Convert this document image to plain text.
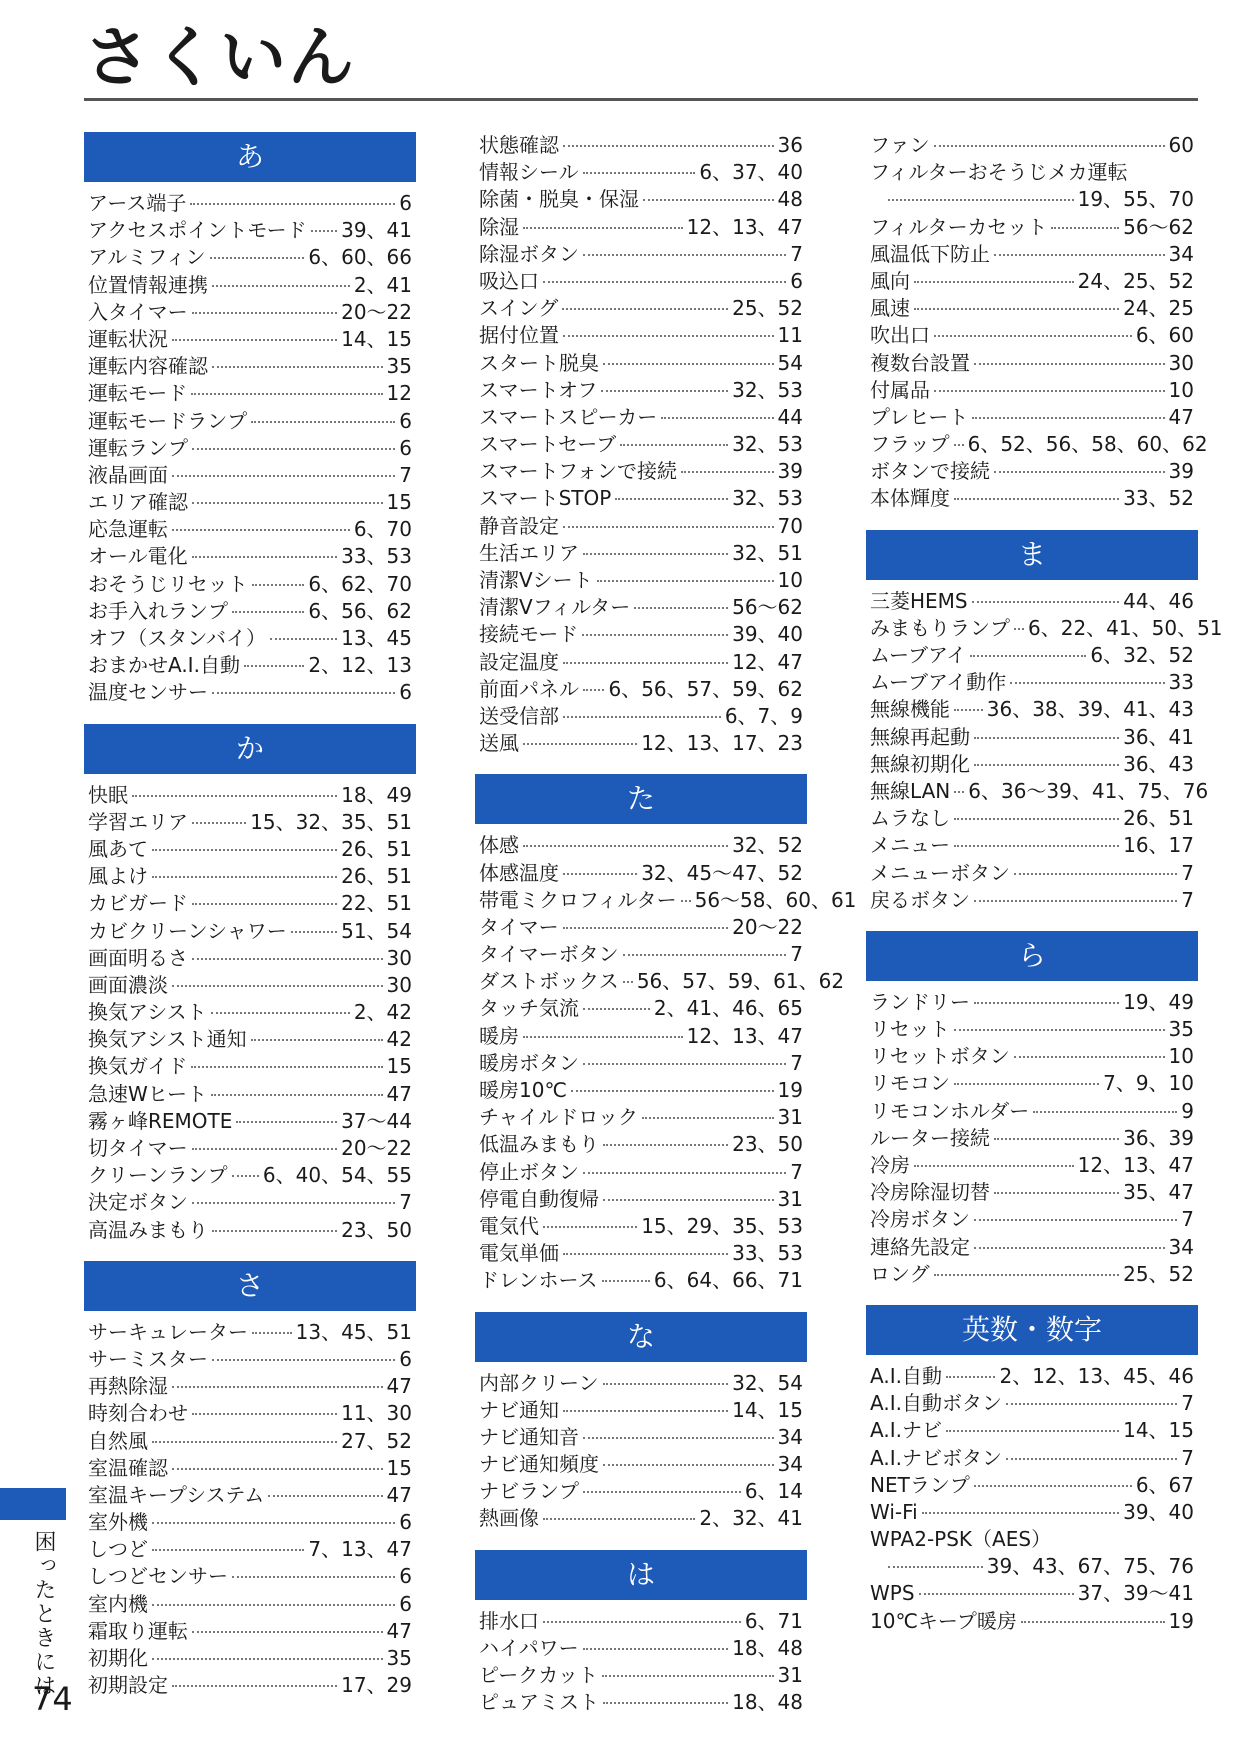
さくいん
あ
アース端子	6
アクセスポイントモード 39、41
アルミフィン	6、60、66
位置情報連携	2、41
入タイマー	20～22
運転状況	14、15
運転内容確認	35
運転モード	12
運転モードランプ	6
運転ランプ	6
液晶画面	7
エリア確認	15
応急運転	6、70
オール電化	33、53
おそうじリセット	6、62、70
お手入れランプ	6、56、62
オフ（スタンバイ）	13、45
おまかせA.I.自動	2、12、13
温度センサー	6
か
快眠	18、49
学習エリア	15、32、35、51
風あて	26、51
風よけ	26、51
カビガード	22、51
カビクリーンシャワー	51、54
画面明るさ	30
画面濃淡	30
換気アシスト	2、42
換気アシスト通知	42
換気ガイド	15
急速Wヒート	47
霧ヶ峰REMOTE	37～44
切タイマー	20～22
クリーンランプ 6、40、54、55
決定ボタン	7
高温みまもり	23、50
さ
サーキュレーター 13、45、51
サーミスター	6
再熱除湿	47
時刻合わせ	11、30
自然風	27、52
室温確認	15
室温キープシステム	47
室外機	6
しつど	7、13、47
しつどセンサー	6
室内機	6
霜取り運転	47
初期化	35
初期設定	17、29
状態確認	36
情報シール	6、37、40
除菌・脱臭・保湿	48
除湿	12、13、47
除湿ボタン	7
吸込口	6
スイング	25、52
据付位置	11
スタート脱臭	54
スマートオフ	32、53
スマートスピーカー	44
スマートセーブ	32、53
スマートフォンで接続	39
スマートSTOP	32、53
静音設定	70
生活エリア	32、51
清潔Vシート	10
清潔Vフィルター	56～62
接続モード	39、40
設定温度	12、47
前面パネル 6、56、57、59、62
送受信部	6、7、9
送風	12、13、17、23
た
体感	32、52
体感温度	32、45～47、52
帯電ミクロフィルター 56～58、60、61
タイマー	20～22
タイマーボタン	7
ダストボックス 56、57、59、61、62
タッチ気流	2、41、46、65
暖房	12、13、47
暖房ボタン	7
暖房10℃	19
チャイルドロック	31
低温みまもり	23、50
停止ボタン	7
停電自動復帰	31
電気代	15、29、35、53
電気単価	33、53
ドレンホース	6、64、66、71
な
内部クリーン	32、54
ナビ通知	14、15
ナビ通知音	34
ナビ通知頻度	34
ナビランプ	6、14
熱画像	2、32、41
は
排水口	6、71
ハイパワー	18、48
ピークカット	31
ピュアミスト	18、48
ファン	60
フィルターおそうじメカ運転
19、55、70
フィルターカセット	56～62
風温低下防止	34
風向	24、25、52
風速	24、25
吹出口	6、60
複数台設置	30
付属品	10
プレヒート	47
フラップ 6、52、56、58、60、62
ボタンで接続	39
本体輝度	33、52
ま
三菱HEMS	44、46
みまもりランプ 6、22、41、50、51
ムーブアイ	6、32、52
ムーブアイ動作	33
無線機能 36、38、39、41、43
無線再起動	36、41
無線初期化	36、43
無線LAN 6、36～39、41、75、76
ムラなし	26、51
メニュー	16、17
メニューボタン	7
戻るボタン	7
ら
ランドリー	19、49
リセット	35
リセットボタン	10
リモコン	7、9、10
リモコンホルダー	9
ルーター接続	36、39
冷房	12、13、47
冷房除湿切替	35、47
冷房ボタン	7
連絡先設定	34
ロング	25、52
英数・数字
A.I.自動	2、12、13、45、46
A.I.自動ボタン	7
A.I.ナビ	14、15
A.I.ナビボタン	7
NETランプ	6、67
Wi-Fi	39、40
WPA2-PSK（AES）
39、43、67、75、76
WPS	37、39～41
10℃キープ暖房	19
困ったときには
74
